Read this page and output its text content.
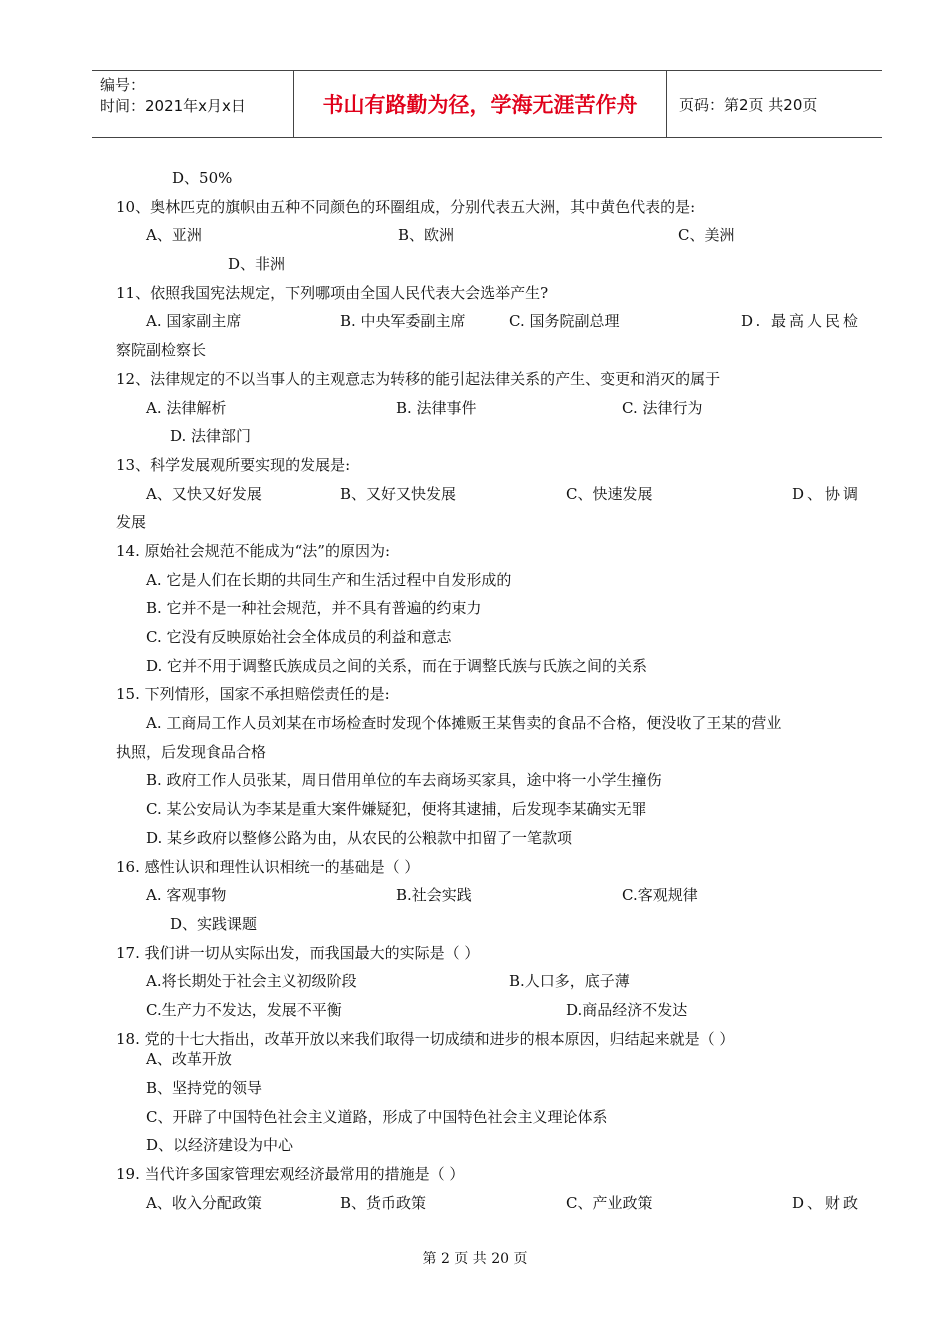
编号：
时间：2021年x月x日	书山有路勤为径，学海无涯苦作舟	页码：第2页 共20页
D、50%
10、奥林匹克的旗帜由五种不同颜色的环圈组成，分别代表五大洲，其中黄色代表的是:
A、亚洲	B、欧洲	C、美洲
D、非洲
11、依照我国宪法规定，下列哪项由全国人民代表大会选举产生?
A. 国家副主席	B. 中央军委副主席	C. 国务院副总理	D. 最高人民检
察院副检察长
12、法律规定的不以当事人的主观意志为转移的能引起法律关系的产生、变更和消灭的属于
A. 法律解析	B. 法律事件	C. 法律行为
D. 法律部门
13、科学发展观所要实现的发展是:
A、又快又好发展	B、又好又快发展	C、快速发展	D、协调
发展
14. 原始社会规范不能成为“法”的原因为:
A. 它是人们在长期的共同生产和生活过程中自发形成的
B. 它并不是一种社会规范，并不具有普遍的约束力
C. 它没有反映原始社会全体成员的利益和意志
D. 它并不用于调整氏族成员之间的关系，而在于调整氏族与氏族之间的关系
15. 下列情形，国家不承担赔偿责任的是:
A. 工商局工作人员刘某在市场检查时发现个体摊贩王某售卖的食品不合格，便没收了王某的营业
执照，后发现食品合格
B. 政府工作人员张某，周日借用单位的车去商场买家具，途中将一小学生撞伤
C. 某公安局认为李某是重大案件嫌疑犯，便将其逮捕，后发现李某确实无罪
D. 某乡政府以整修公路为由，从农民的公粮款中扣留了一笔款项
16. 感性认识和理性认识相统一的基础是（ ）
A. 客观事物	B.社会实践	C.客观规律
D、实践课题
17. 我们讲一切从实际出发，而我国最大的实际是（ ）
A.将长期处于社会主义初级阶段	B.人口多，底子薄
C.生产力不发达，发展不平衡	D.商品经济不发达
18. 党的十七大指出，改革开放以来我们取得一切成绩和进步的根本原因，归结起来就是（ ）
A、改革开放
B、坚持党的领导
C、开辟了中国特色社会主义道路，形成了中国特色社会主义理论体系
D、以经济建设为中心
19. 当代许多国家管理宏观经济最常用的措施是（ ）
A、收入分配政策	B、货币政策	C、产业政策	D、财政
第 2 页 共 20 页
